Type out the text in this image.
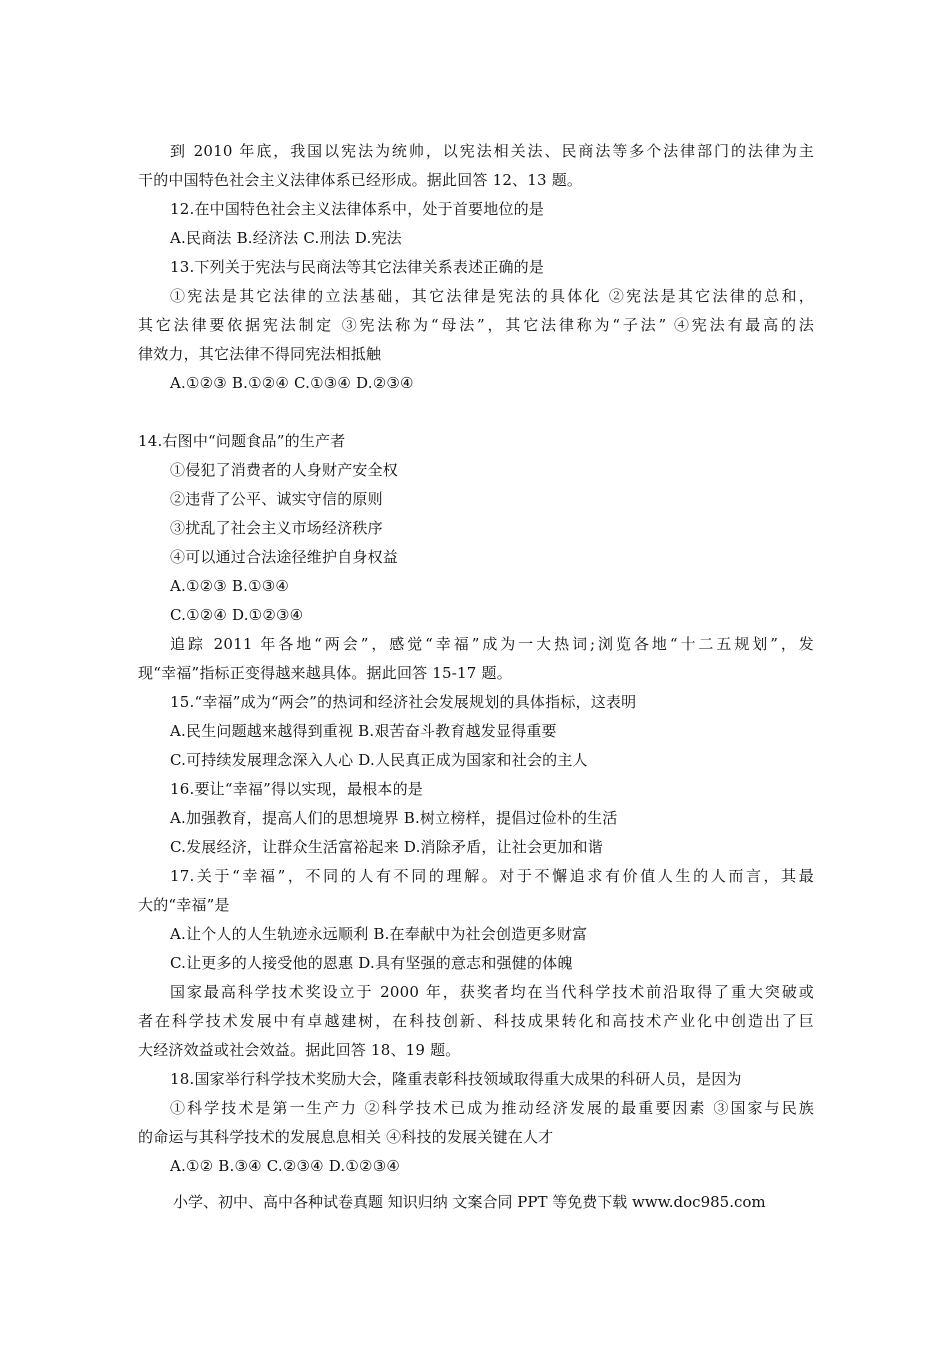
到 2010 年底，我国以宪法为统帅，以宪法相关法、民商法等多个法律部门的法律为主
干的中国特色社会主义法律体系已经形成。据此回答 12、13 题。
12.在中国特色社会主义法律体系中，处于首要地位的是
A.民商法 B.经济法 C.刑法 D.宪法
13.下列关于宪法与民商法等其它法律关系表述正确的是
①宪法是其它法律的立法基础，其它法律是宪法的具体化 ②宪法是其它法律的总和，
其它法律要依据宪法制定 ③宪法称为“母法”，其它法律称为“子法” ④宪法有最高的法
律效力，其它法律不得同宪法相抵触
A.①②③ B.①②④ C.①③④ D.②③④
14.右图中“问题食品”的生产者
①侵犯了消费者的人身财产安全权
②违背了公平、诚实守信的原则
③扰乱了社会主义市场经济秩序
④可以通过合法途径维护自身权益
A.①②③ B.①③④
C.①②④ D.①②③④
追踪 2011 年各地“两会”，感觉“幸福”成为一大热词;浏览各地“十二五规划”，发
现“幸福”指标正变得越来越具体。据此回答 15-17 题。
15.“幸福”成为“两会”的热词和经济社会发展规划的具体指标，这表明
A.民生问题越来越得到重视 B.艰苦奋斗教育越发显得重要
C.可持续发展理念深入人心 D.人民真正成为国家和社会的主人
16.要让“幸福”得以实现，最根本的是
A.加强教育，提高人们的思想境界 B.树立榜样，提倡过俭朴的生活
C.发展经济，让群众生活富裕起来 D.消除矛盾，让社会更加和谐
17.关于“幸福”，不同的人有不同的理解。对于不懈追求有价值人生的人而言，其最
大的“幸福”是
A.让个人的人生轨迹永远顺利 B.在奉献中为社会创造更多财富
C.让更多的人接受他的恩惠 D.具有坚强的意志和强健的体魄
国家最高科学技术奖设立于 2000 年，获奖者均在当代科学技术前沿取得了重大突破或
者在科学技术发展中有卓越建树，在科技创新、科技成果转化和高技术产业化中创造出了巨
大经济效益或社会效益。据此回答 18、19 题。
18.国家举行科学技术奖励大会，隆重表彰科技领域取得重大成果的科研人员，是因为
①科学技术是第一生产力 ②科学技术已成为推动经济发展的最重要因素 ③国家与民族
的命运与其科学技术的发展息息相关 ④科技的发展关键在人才
A.①② B.③④ C.②③④ D.①②③④
小学、初中、高中各种试卷真题 知识归纳 文案合同 PPT 等免费下载 www.doc985.com
